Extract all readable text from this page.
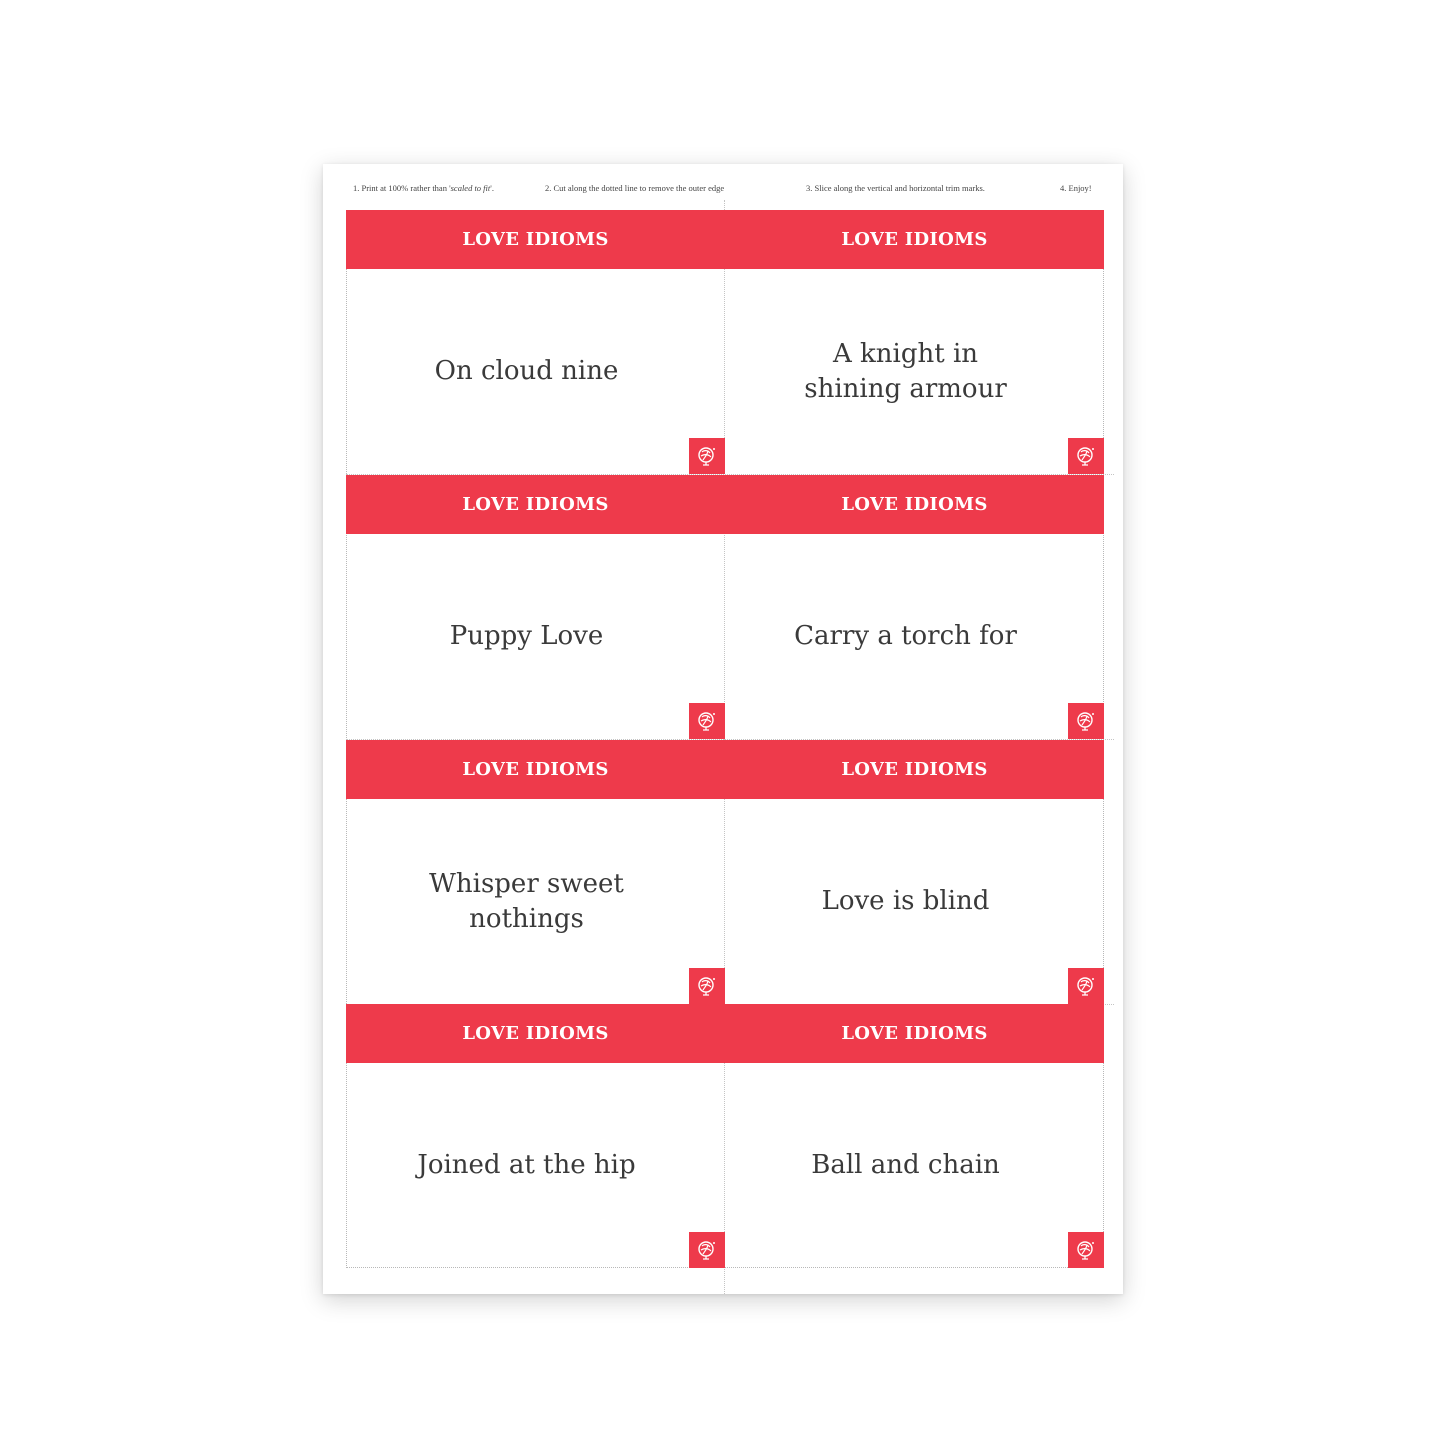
1. Print at 100% rather than 'scaled to fit'.	2. Cut along the dotted line to remove the outer edge	3. Slice along the vertical and horizontal trim marks.	4. Enjoy!
LOVE IDIOMS
On cloud nine
LOVE IDIOMS
A knight in shining armour
LOVE IDIOMS
Puppy Love
LOVE IDIOMS
Carry a torch for
LOVE IDIOMS
Whisper sweet nothings
LOVE IDIOMS
Love is blind
LOVE IDIOMS
Joined at the hip
LOVE IDIOMS
Ball and chain
